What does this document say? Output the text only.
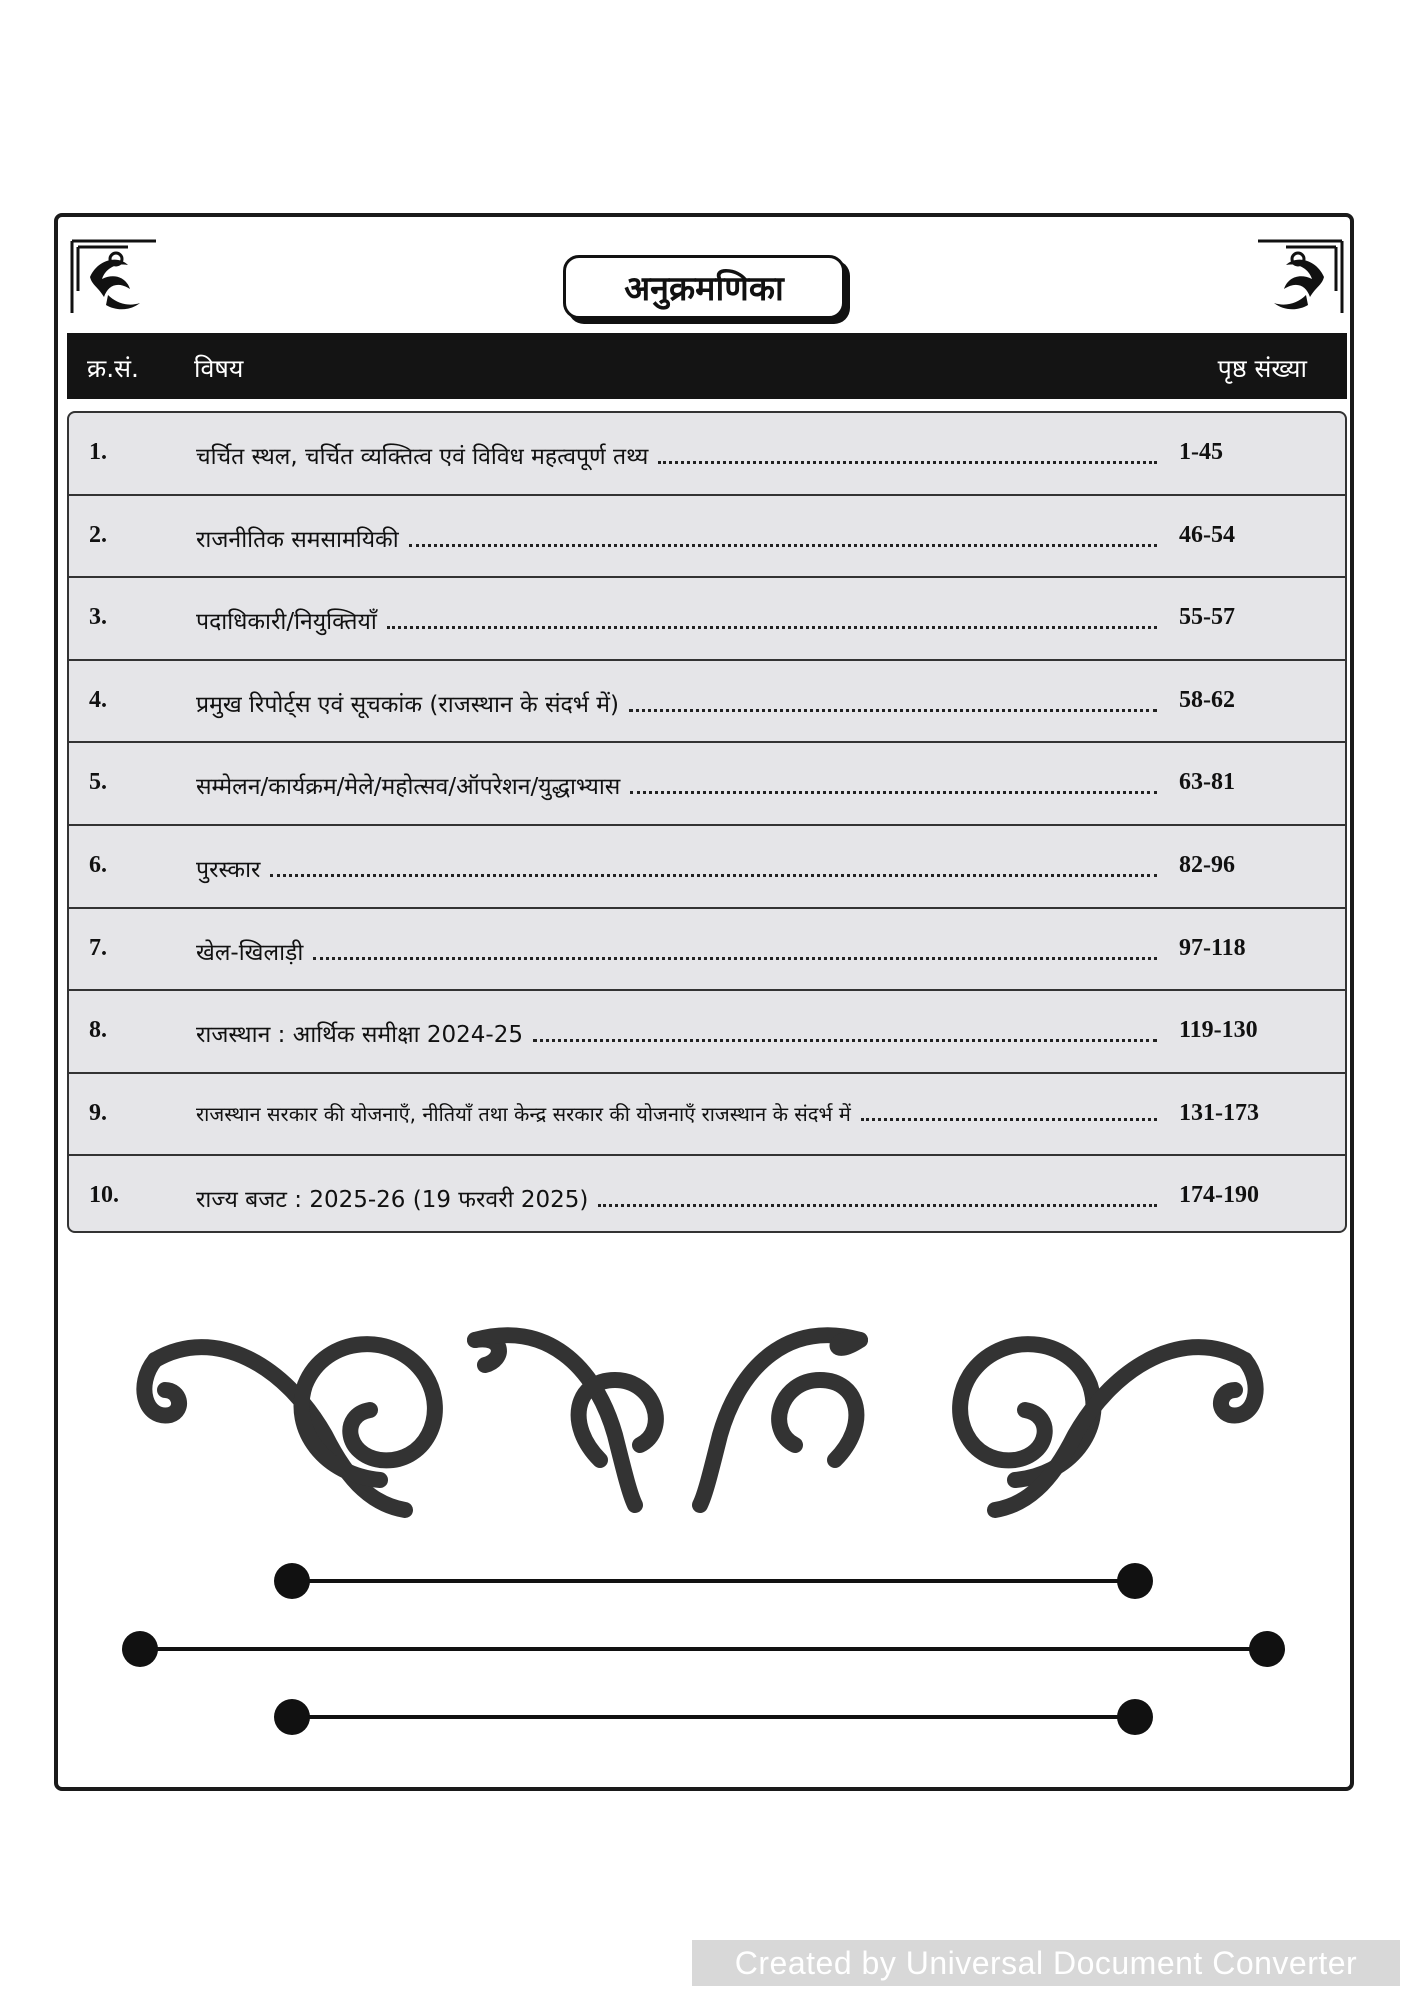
अनुक्रमणिका
क्र.सं. विषय	पृष्ठ संख्या
1.	चर्चित स्थल, चर्चित व्यक्तित्व एवं विविध महत्वपूर्ण तथ्य	1-45
2.	राजनीतिक समसामयिकी	46-54
3.	पदाधिकारी/नियुक्तियाँ	55-57
4.	प्रमुख रिपोर्ट्स एवं सूचकांक (राजस्थान के संदर्भ में)	58-62
5.	सम्मेलन/कार्यक्रम/मेले/महोत्सव/ऑपरेशन/युद्धाभ्यास	63-81
6.	पुरस्कार	82-96
7.	खेल-खिलाड़ी	97-118
8.	राजस्थान : आर्थिक समीक्षा 2024-25	119-130
9.	राजस्थान सरकार की योजनाएँ, नीतियाँ तथा केन्द्र सरकार की योजनाएँ राजस्थान के संदर्भ में	131-173
10.	राज्य बजट : 2025-26 (19 फरवरी 2025)	174-190
Created by Universal Document Converter
